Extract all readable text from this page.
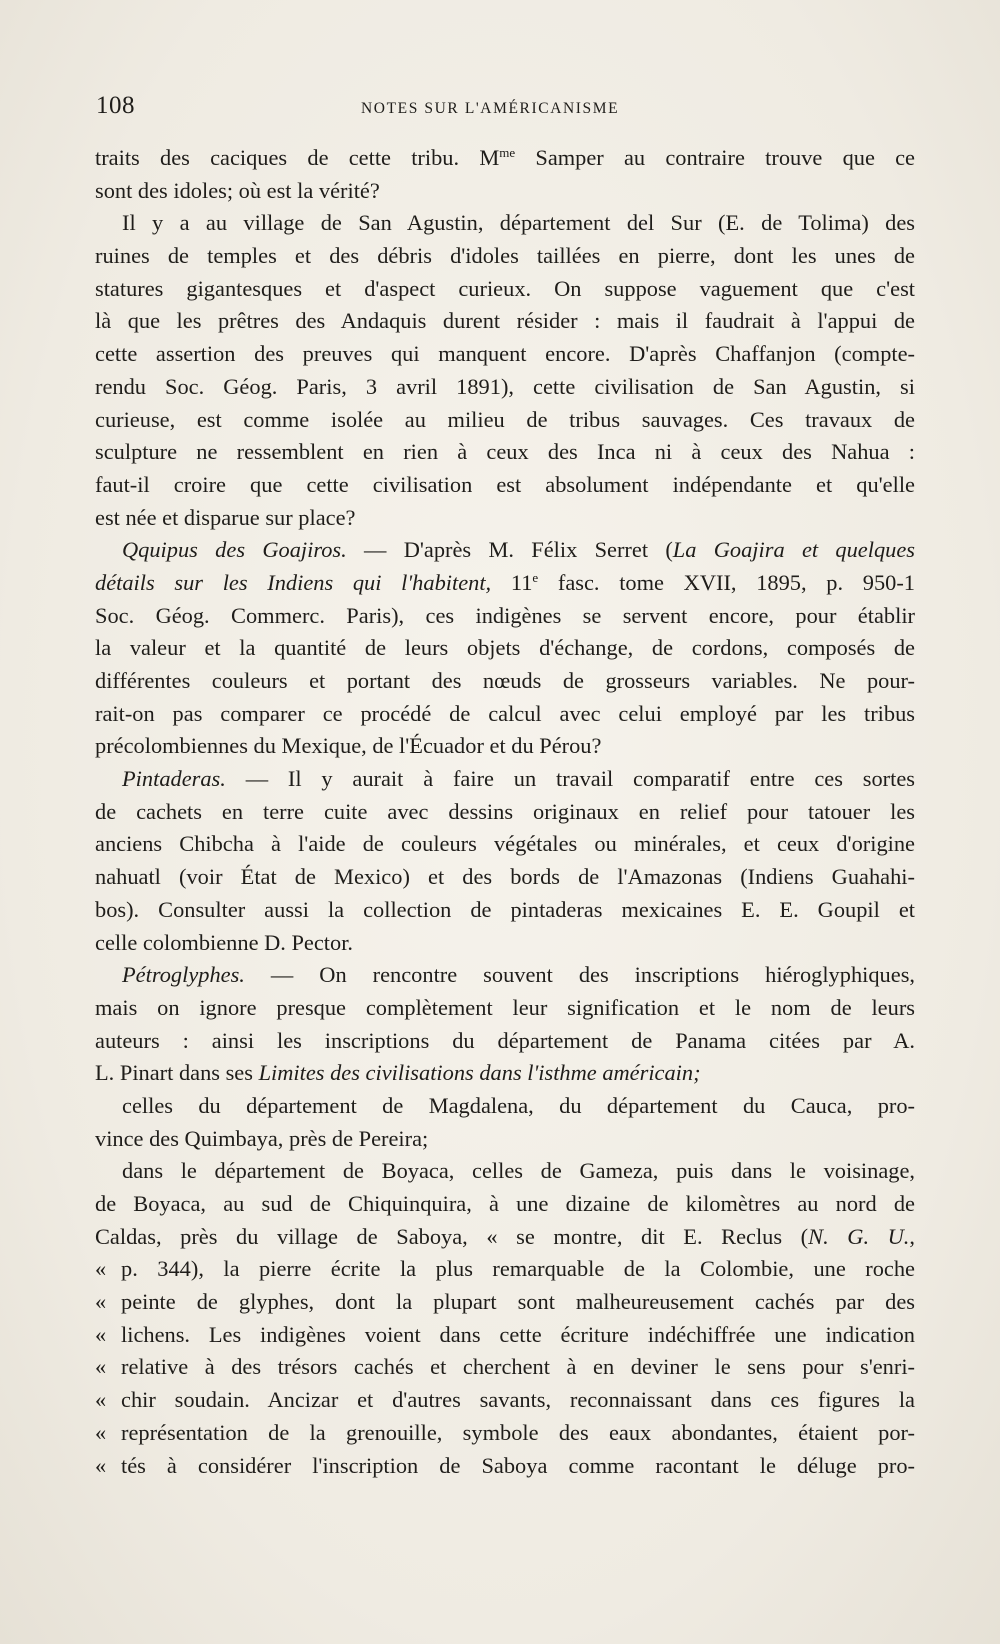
108	NOTES SUR L'AMÉRICANISME
traits des caciques de cette tribu. $M^{me}$ Samper au contraire trouve que ce
sont des idoles; où est la vérité?
Il y a au village de San Agustin, département del Sur (E. de Tolima) des
ruines de temples et des débris d'idoles taillées en pierre, dont les unes de
statures gigantesques et d'aspect curieux. On suppose vaguement que c'est
là que les prêtres des Andaquis durent résider : mais il faudrait à l'appui de
cette assertion des preuves qui manquent encore. D'après Chaffanjon (compte-
rendu Soc. Géog. Paris, 3 avril 1891), cette civilisation de San Agustin, si
curieuse, est comme isolée au milieu de tribus sauvages. Ces travaux de
sculpture ne ressemblent en rien à ceux des Inca ni à ceux des Nahua :
faut-il croire que cette civilisation est absolument indépendante et qu'elle
est née et disparue sur place?
Qquipus des Goajiros. — D'après M. Félix Serret (La Goajira et quelques
détails sur les Indiens qui l'habitent, 11e fasc. tome XVII, 1895, p. 950-1
Soc. Géog. Commerc. Paris), ces indigènes se servent encore, pour établir
la valeur et la quantité de leurs objets d'échange, de cordons, composés de
différentes couleurs et portant des nœuds de grosseurs variables. Ne pour-
rait-on pas comparer ce procédé de calcul avec celui employé par les tribus
précolombiennes du Mexique, de l'Écuador et du Pérou?
Pintaderas. — Il y aurait à faire un travail comparatif entre ces sortes
de cachets en terre cuite avec dessins originaux en relief pour tatouer les
anciens Chibcha à l'aide de couleurs végétales ou minérales, et ceux d'origine
nahuatl (voir État de Mexico) et des bords de l'Amazonas (Indiens Guahahi-
bos). Consulter aussi la collection de pintaderas mexicaines E. E. Goupil et
celle colombienne D. Pector.
Pétroglyphes. — On rencontre souvent des inscriptions hiéroglyphiques,
mais on ignore presque complètement leur signification et le nom de leurs
auteurs : ainsi les inscriptions du département de Panama citées par A.
L. Pinart dans ses Limites des civilisations dans l'isthme américain;
celles du département de Magdalena, du département du Cauca, pro-
vince des Quimbaya, près de Pereira;
dans le département de Boyaca, celles de Gameza, puis dans le voisinage,
de Boyaca, au sud de Chiquinquira, à une dizaine de kilomètres au nord de
Caldas, près du village de Saboya, « se montre, dit E. Reclus (N. G. U.,
« p. 344), la pierre écrite la plus remarquable de la Colombie, une roche
« peinte de glyphes, dont la plupart sont malheureusement cachés par des
« lichens. Les indigènes voient dans cette écriture indéchiffrée une indication
« relative à des trésors cachés et cherchent à en deviner le sens pour s'enri-
« chir soudain. Ancizar et d'autres savants, reconnaissant dans ces figures la
« représentation de la grenouille, symbole des eaux abondantes, étaient por-
« tés à considérer l'inscription de Saboya comme racontant le déluge pro-
